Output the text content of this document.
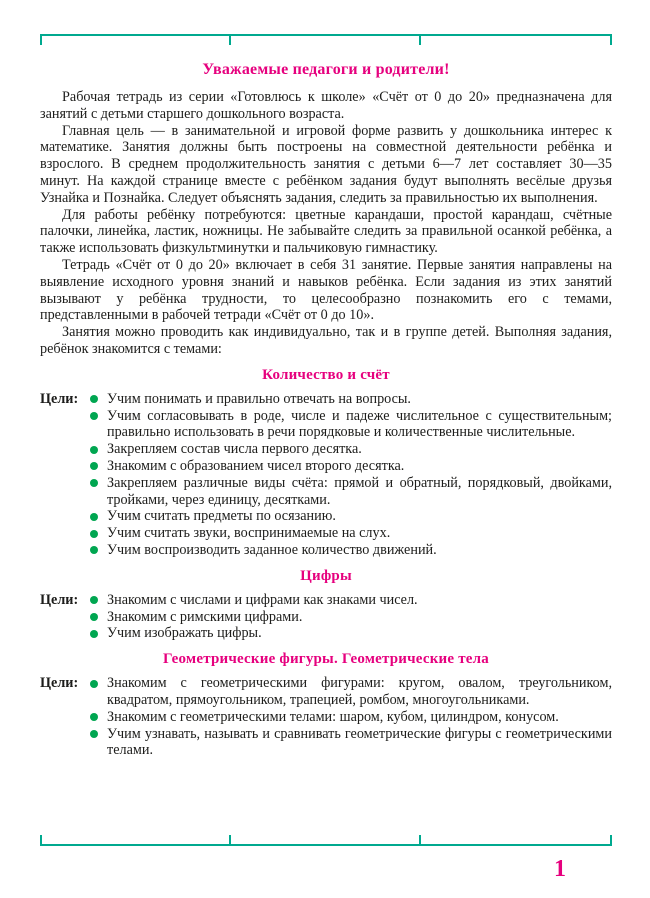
Уважаемые педагоги и родители!

Рабочая тетрадь из серии «Готовлюсь к школе» «Счёт от 0 до 20» предназначена для занятий с детьми старшего дошкольного возраста.

Главная цель — в занимательной и игровой форме развить у дошкольника интерес к математике. Занятия должны быть построены на совместной деятельности ребёнка и взрослого. В среднем продолжительность занятия с детьми 6—7 лет составляет 30—35 минут. На каждой странице вместе с ребёнком задания будут выполнять весёлые друзья Узнайка и Познайка. Следует объяснять задания, следить за правильностью их выполнения.

Для работы ребёнку потребуются: цветные карандаши, простой карандаш, счётные палочки, линейка, ластик, ножницы. Не забывайте следить за правильной осанкой ребёнка, а также использовать физкультминутки и пальчиковую гимнастику.

Тетрадь «Счёт от 0 до 20» включает в себя 31 занятие. Первые занятия направлены на выявление исходного уровня знаний и навыков ребёнка. Если задания из этих занятий вызывают у ребёнка трудности, то целесообразно познакомить его с темами, представленными в рабочей тетради «Счёт от 0 до 10».

Занятия можно проводить как индивидуально, так и в группе детей. Выполняя задания, ребёнок знакомится с темами:

Количество и счёт
Цели:	Учим понимать и правильно отвечать на вопросы.
Учим согласовывать в роде, числе и падеже числительное с существительным; правильно использовать в речи порядковые и количественные числительные.
Закрепляем состав числа первого десятка.
Знакомим с образованием чисел второго десятка.
Закрепляем различные виды счёта: прямой и обратный, порядковый, двойками, тройками, через единицу, десятками.
Учим считать предметы по осязанию.
Учим считать звуки, воспринимаемые на слух.
Учим воспроизводить заданное количество движений.
Цифры
Цели:	Знакомим с числами и цифрами как знаками чисел.
Знакомим с римскими цифрами.
Учим изображать цифры.
Геометрические фигуры. Геометрические тела
Цели:	Знакомим с геометрическими фигурами: кругом, овалом, треугольником, квадратом, прямоугольником, трапецией, ромбом, многоугольниками.
Знакомим с геометрическими телами: шаром, кубом, цилиндром, конусом.
Учим узнавать, называть и сравнивать геометрические фигуры с геометрическими телами.
1
